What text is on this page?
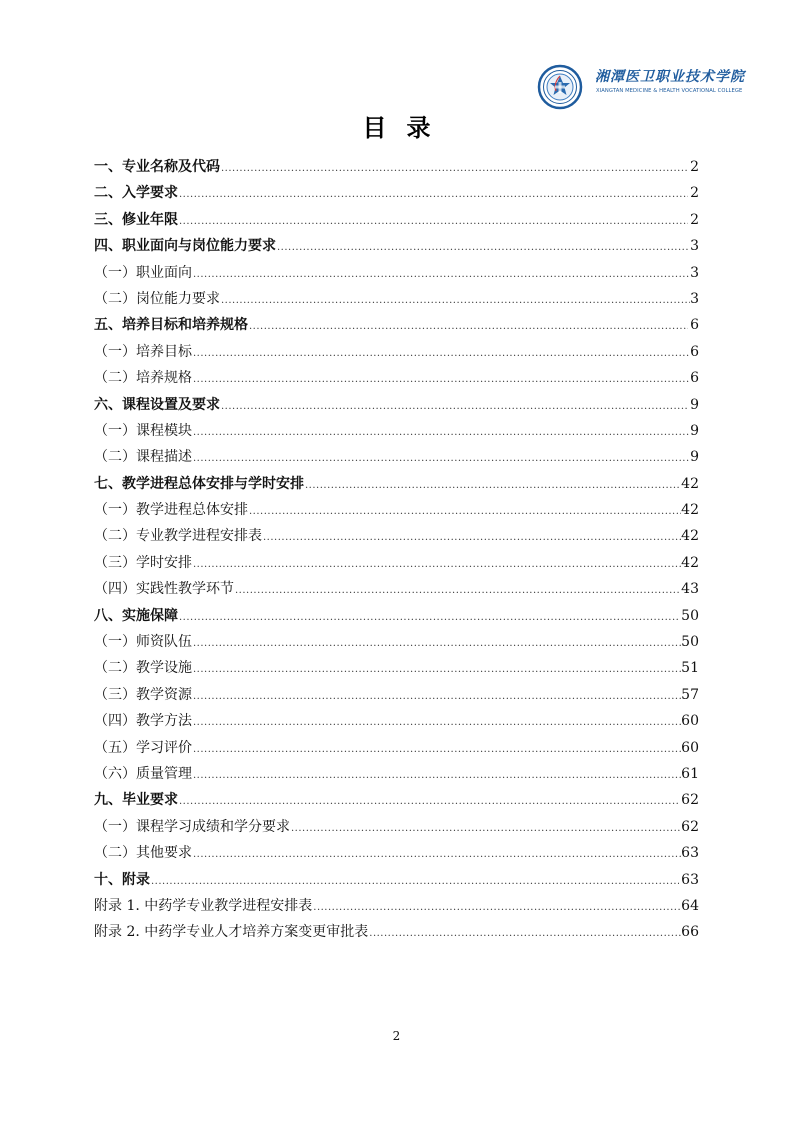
湘潭医卫职业技术学院
XIANGTAN MEDICINE & HEALTH VOCATIONAL COLLEGE
目录
一、专业名称及代码 .....	2
二、入学要求 .....	2
三、修业年限 .....	2
四、职业面向与岗位能力要求 .....	3
（一）职业面向 .....	3
（二）岗位能力要求 .....	3
五、培养目标和培养规格 .....	6
（一）培养目标 .....	6
（二）培养规格 .....	6
六、课程设置及要求 .....	9
（一）课程模块 .....	9
（二）课程描述 .....	9
七、教学进程总体安排与学时安排 .....	42
（一）教学进程总体安排 .....	42
（二）专业教学进程安排表 .....	42
（三）学时安排 .....	42
（四）实践性教学环节 .....	43
八、实施保障 .....	50
（一）师资队伍 .....	50
（二）教学设施 .....	51
（三）教学资源 .....	57
（四）教学方法 .....	60
（五）学习评价 .....	60
（六）质量管理 .....	61
九、毕业要求 .....	62
（一）课程学习成绩和学分要求 .....	62
（二）其他要求 .....	63
十、附录 .....	63
附录 1. 中药学专业教学进程安排表 .....	64
附录 2. 中药学专业人才培养方案变更审批表 .....	66
2
